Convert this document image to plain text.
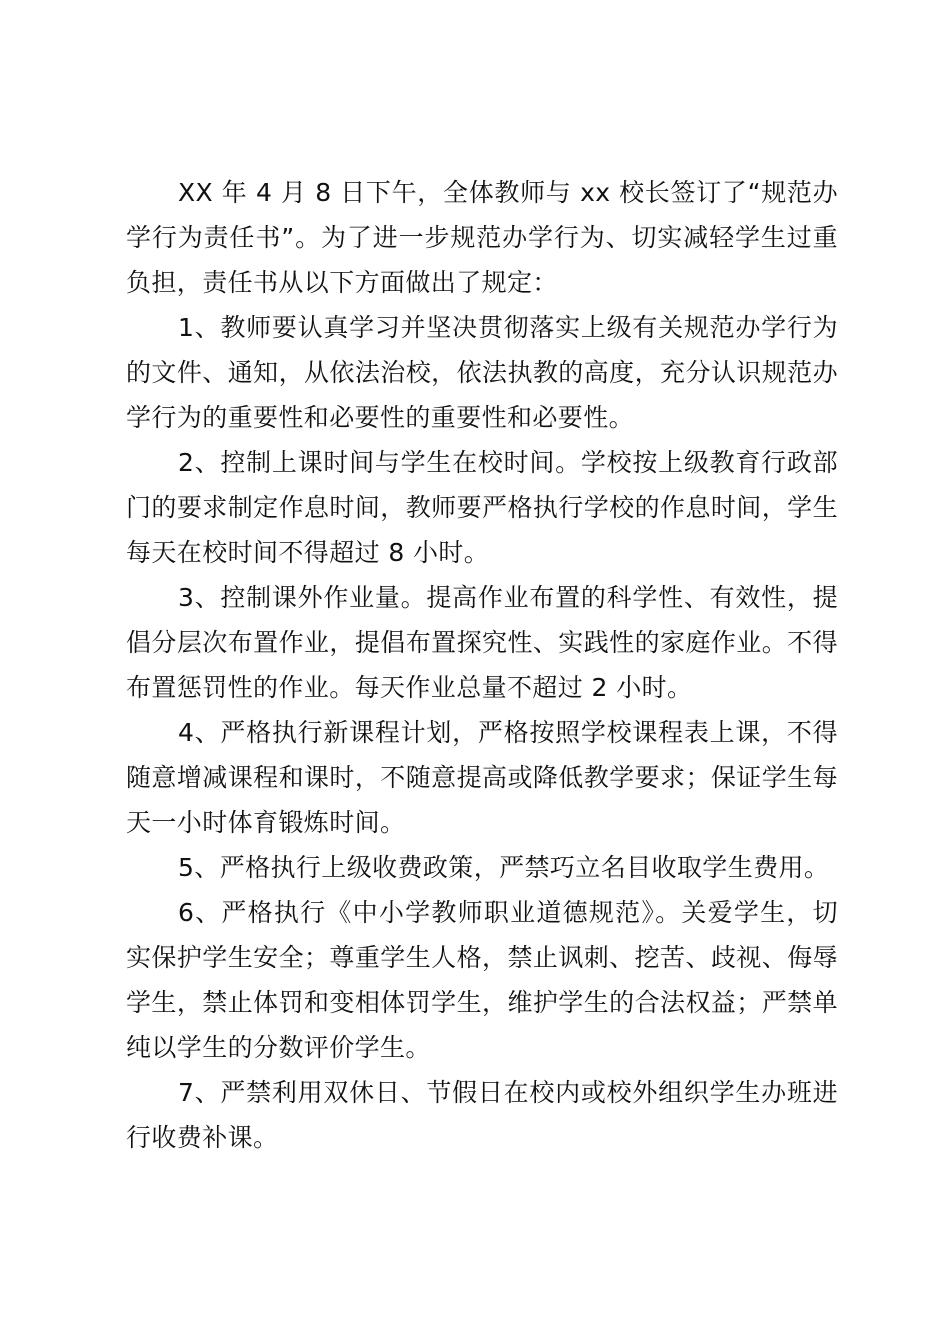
XX 年 4 月 8 日下午，全体教师与 xx 校长签订了“规范办学行为责任书”。为了进一步规范办学行为、切实减轻学生过重负担，责任书从以下方面做出了规定：

1、教师要认真学习并坚决贯彻落实上级有关规范办学行为的文件、通知，从依法治校，依法执教的高度，充分认识规范办学行为的重要性和必要性的重要性和必要性。

2、控制上课时间与学生在校时间。学校按上级教育行政部门的要求制定作息时间，教师要严格执行学校的作息时间，学生每天在校时间不得超过 8 小时。

3、控制课外作业量。提高作业布置的科学性、有效性，提倡分层次布置作业，提倡布置探究性、实践性的家庭作业。不得布置惩罚性的作业。每天作业总量不超过 2 小时。

4、严格执行新课程计划，严格按照学校课程表上课，不得随意增减课程和课时，不随意提高或降低教学要求；保证学生每天一小时体育锻炼时间。

5、严格执行上级收费政策，严禁巧立名目收取学生费用。

6、严格执行《中小学教师职业道德规范》。关爱学生，切实保护学生安全；尊重学生人格，禁止讽刺、挖苦、歧视、侮辱学生，禁止体罚和变相体罚学生，维护学生的合法权益；严禁单纯以学生的分数评价学生。

7、严禁利用双休日、节假日在校内或校外组织学生办班进行收费补课。
